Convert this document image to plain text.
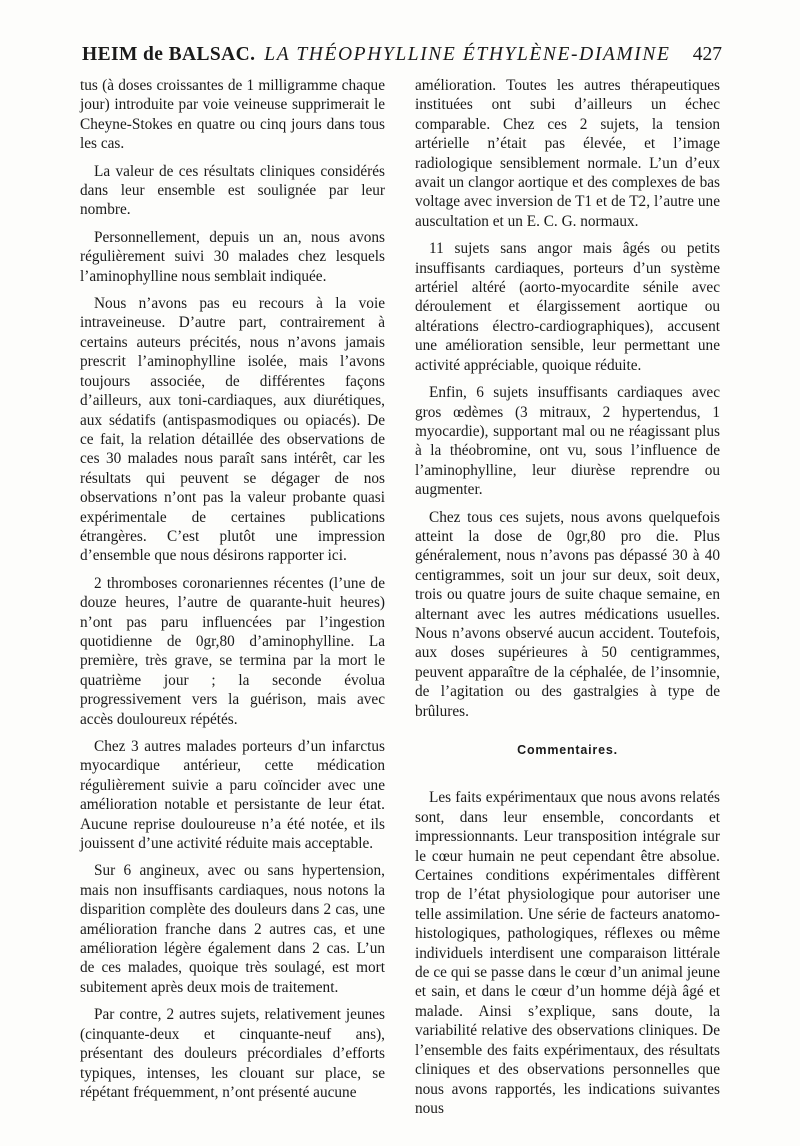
HEIM de BALSAC. LA THÉOPHYLLINE ÉTHYLÈNE-DIAMINE 427

tus (à doses croissantes de 1 milligramme chaque jour) introduite par voie veineuse supprimerait le Cheyne-Stokes en quatre ou cinq jours dans tous les cas.

La valeur de ces résultats cliniques considérés dans leur ensemble est soulignée par leur nombre.

Personnellement, depuis un an, nous avons régulièrement suivi 30 malades chez lesquels l’aminophylline nous semblait indiquée.

Nous n’avons pas eu recours à la voie intraveineuse. D’autre part, contrairement à certains auteurs précités, nous n’avons jamais prescrit l’aminophylline isolée, mais l’avons toujours associée, de différentes façons d’ailleurs, aux toni-cardiaques, aux diurétiques, aux sédatifs (antispasmodiques ou opiacés). De ce fait, la relation détaillée des observations de ces 30 malades nous paraît sans intérêt, car les résultats qui peuvent se dégager de nos observations n’ont pas la valeur probante quasi expérimentale de certaines publications étrangères. C’est plutôt une impression d’ensemble que nous désirons rapporter ici.

2 thromboses coronariennes récentes (l’une de douze heures, l’autre de quarante-huit heures) n’ont pas paru influencées par l’ingestion quotidienne de 0gr,80 d’aminophylline. La première, très grave, se termina par la mort le quatrième jour ; la seconde évolua progressivement vers la guérison, mais avec accès douloureux répétés.

Chez 3 autres malades porteurs d’un infarctus myocardique antérieur, cette médication régulièrement suivie a paru coïncider avec une amélioration notable et persistante de leur état. Aucune reprise douloureuse n’a été notée, et ils jouissent d’une activité réduite mais acceptable.

Sur 6 angineux, avec ou sans hypertension, mais non insuffisants cardiaques, nous notons la disparition complète des douleurs dans 2 cas, une amélioration franche dans 2 autres cas, et une amélioration légère également dans 2 cas. L’un de ces malades, quoique très soulagé, est mort subitement après deux mois de traitement.

Par contre, 2 autres sujets, relativement jeunes (cinquante-deux et cinquante-neuf ans), présentant des douleurs précordiales d’efforts typiques, intenses, les clouant sur place, se répétant fréquemment, n’ont présenté aucune

amélioration. Toutes les autres thérapeutiques instituées ont subi d’ailleurs un échec comparable. Chez ces 2 sujets, la tension artérielle n’était pas élevée, et l’image radiologique sensiblement normale. L’un d’eux avait un clangor aortique et des complexes de bas voltage avec inversion de T1 et de T2, l’autre une auscultation et un E. C. G. normaux.

11 sujets sans angor mais âgés ou petits insuffisants cardiaques, porteurs d’un système artériel altéré (aorto-myocardite sénile avec déroulement et élargissement aortique ou altérations électro-cardiographiques), accusent une amélioration sensible, leur permettant une activité appréciable, quoique réduite.

Enfin, 6 sujets insuffisants cardiaques avec gros œdèmes (3 mitraux, 2 hypertendus, 1 myocardie), supportant mal ou ne réagissant plus à la théobromine, ont vu, sous l’influence de l’aminophylline, leur diurèse reprendre ou augmenter.

Chez tous ces sujets, nous avons quelquefois atteint la dose de 0gr,80 pro die. Plus généralement, nous n’avons pas dépassé 30 à 40 centigrammes, soit un jour sur deux, soit deux, trois ou quatre jours de suite chaque semaine, en alternant avec les autres médications usuelles. Nous n’avons observé aucun accident. Toutefois, aux doses supérieures à 50 centigrammes, peuvent apparaître de la céphalée, de l’insomnie, de l’agitation ou des gastralgies à type de brûlures.

Commentaires.

Les faits expérimentaux que nous avons relatés sont, dans leur ensemble, concordants et impressionnants. Leur transposition intégrale sur le cœur humain ne peut cependant être absolue. Certaines conditions expérimentales diffèrent trop de l’état physiologique pour autoriser une telle assimilation. Une série de facteurs anatomo-histologiques, pathologiques, réflexes ou même individuels interdisent une comparaison littérale de ce qui se passe dans le cœur d’un animal jeune et sain, et dans le cœur d’un homme déjà âgé et malade. Ainsi s’explique, sans doute, la variabilité relative des observations cliniques. De l’ensemble des faits expérimentaux, des résultats cliniques et des observations personnelles que nous avons rapportés, les indications suivantes nous
